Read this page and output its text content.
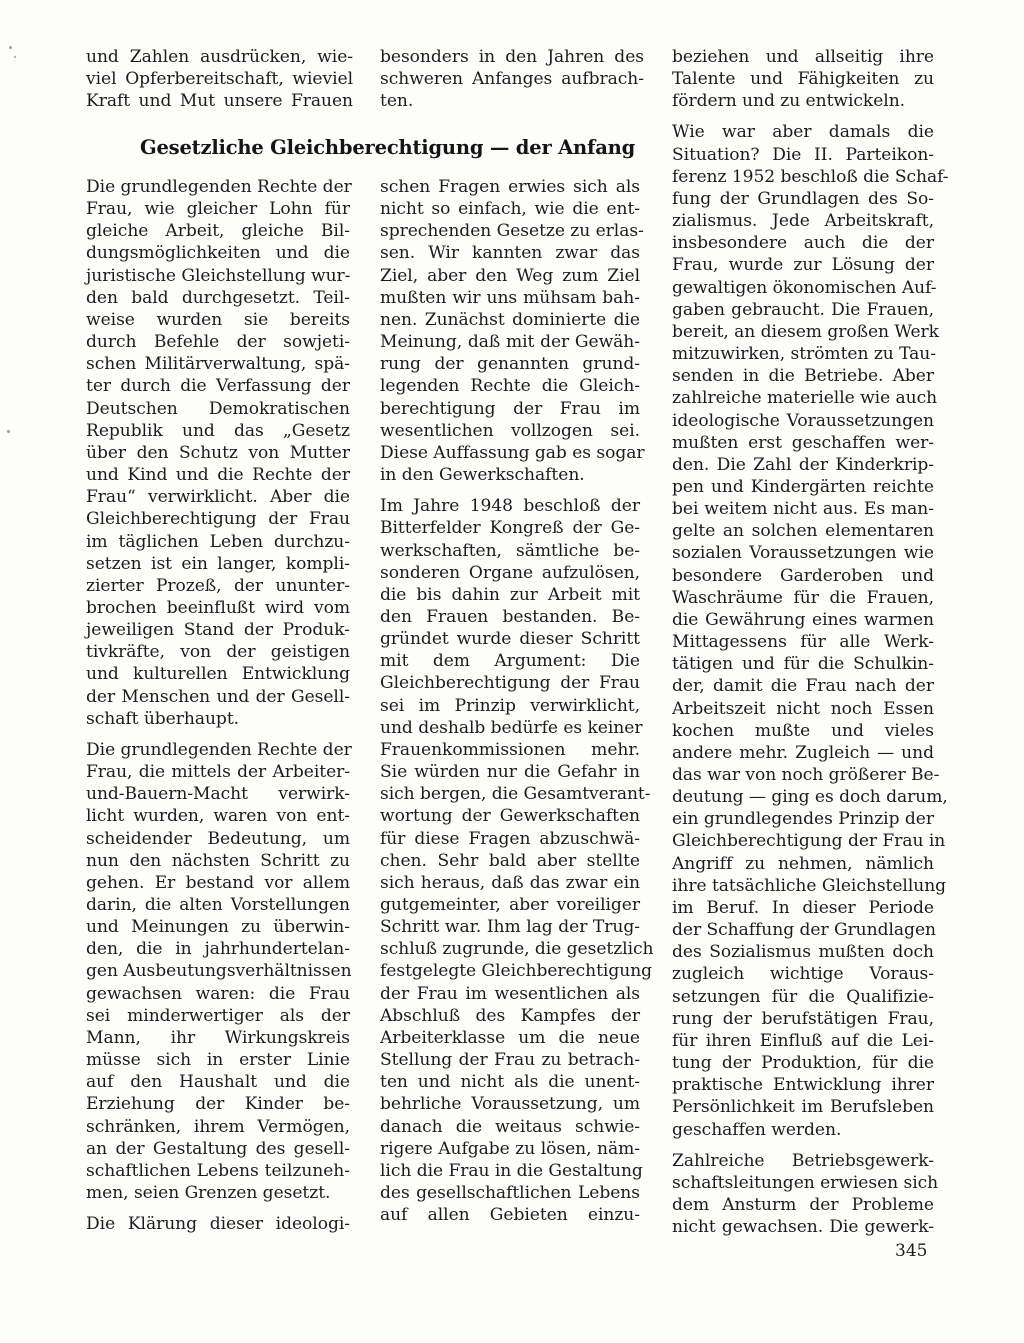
und Zahlen ausdrücken, wie-
viel Opferbereitschaft, wieviel
Kraft und Mut unsere Frauen
besonders in den Jahren des
schweren Anfanges aufbrach-
ten.
Gesetzliche Gleichberechtigung — der Anfang
Die grundlegenden Rechte der
Frau, wie gleicher Lohn für
gleiche Arbeit, gleiche Bil-
dungsmöglichkeiten und die
juristische Gleichstellung wur-
den bald durchgesetzt. Teil-
weise wurden sie bereits
durch Befehle der sowjeti-
schen Militärverwaltung, spä-
ter durch die Verfassung der
Deutschen Demokratischen
Republik und das „Gesetz
über den Schutz von Mutter
und Kind und die Rechte der
Frau“ verwirklicht. Aber die
Gleichberechtigung der Frau
im täglichen Leben durchzu-
setzen ist ein langer, kompli-
zierter Prozeß, der ununter-
brochen beeinflußt wird vom
jeweiligen Stand der Produk-
tivkräfte, von der geistigen
und kulturellen Entwicklung
der Menschen und der Gesell-
schaft überhaupt.
Die grundlegenden Rechte der
Frau, die mittels der Arbeiter-
und-Bauern-Macht verwirk-
licht wurden, waren von ent-
scheidender Bedeutung, um
nun den nächsten Schritt zu
gehen. Er bestand vor allem
darin, die alten Vorstellungen
und Meinungen zu überwin-
den, die in jahrhundertelan-
gen Ausbeutungsverhältnissen
gewachsen waren: die Frau
sei minderwertiger als der
Mann, ihr Wirkungskreis
müsse sich in erster Linie
auf den Haushalt und die
Erziehung der Kinder be-
schränken, ihrem Vermögen,
an der Gestaltung des gesell-
schaftlichen Lebens teilzuneh-
men, seien Grenzen gesetzt.
Die Klärung dieser ideologi-
schen Fragen erwies sich als
nicht so einfach, wie die ent-
sprechenden Gesetze zu erlas-
sen. Wir kannten zwar das
Ziel, aber den Weg zum Ziel
mußten wir uns mühsam bah-
nen. Zunächst dominierte die
Meinung, daß mit der Gewäh-
rung der genannten grund-
legenden Rechte die Gleich-
berechtigung der Frau im
wesentlichen vollzogen sei.
Diese Auffassung gab es sogar
in den Gewerkschaften.
Im Jahre 1948 beschloß der
Bitterfelder Kongreß der Ge-
werkschaften, sämtliche be-
sonderen Organe aufzulösen,
die bis dahin zur Arbeit mit
den Frauen bestanden. Be-
gründet wurde dieser Schritt
mit dem Argument: Die
Gleichberechtigung der Frau
sei im Prinzip verwirklicht,
und deshalb bedürfe es keiner
Frauenkommissionen mehr.
Sie würden nur die Gefahr in
sich bergen, die Gesamtverant-
wortung der Gewerkschaften
für diese Fragen abzuschwä-
chen. Sehr bald aber stellte
sich heraus, daß das zwar ein
gutgemeinter, aber voreiliger
Schritt war. Ihm lag der Trug-
schluß zugrunde, die gesetzlich
festgelegte Gleichberechtigung
der Frau im wesentlichen als
Abschluß des Kampfes der
Arbeiterklasse um die neue
Stellung der Frau zu betrach-
ten und nicht als die unent-
behrliche Voraussetzung, um
danach die weitaus schwie-
rigere Aufgabe zu lösen, näm-
lich die Frau in die Gestaltung
des gesellschaftlichen Lebens
auf allen Gebieten einzu-
beziehen und allseitig ihre
Talente und Fähigkeiten zu
fördern und zu entwickeln.
Wie war aber damals die
Situation? Die II. Parteikon-
ferenz 1952 beschloß die Schaf-
fung der Grundlagen des So-
zialismus. Jede Arbeitskraft,
insbesondere auch die der
Frau, wurde zur Lösung der
gewaltigen ökonomischen Auf-
gaben gebraucht. Die Frauen,
bereit, an diesem großen Werk
mitzuwirken, strömten zu Tau-
senden in die Betriebe. Aber
zahlreiche materielle wie auch
ideologische Voraussetzungen
mußten erst geschaffen wer-
den. Die Zahl der Kinderkrip-
pen und Kindergärten reichte
bei weitem nicht aus. Es man-
gelte an solchen elementaren
sozialen Voraussetzungen wie
besondere Garderoben und
Waschräume für die Frauen,
die Gewährung eines warmen
Mittagessens für alle Werk-
tätigen und für die Schulkin-
der, damit die Frau nach der
Arbeitszeit nicht noch Essen
kochen mußte und vieles
andere mehr. Zugleich — und
das war von noch größerer Be-
deutung — ging es doch darum,
ein grundlegendes Prinzip der
Gleichberechtigung der Frau in
Angriff zu nehmen, nämlich
ihre tatsächliche Gleichstellung
im Beruf. In dieser Periode
der Schaffung der Grundlagen
des Sozialismus mußten doch
zugleich wichtige Voraus-
setzungen für die Qualifizie-
rung der berufstätigen Frau,
für ihren Einfluß auf die Lei-
tung der Produktion, für die
praktische Entwicklung ihrer
Persönlichkeit im Berufsleben
geschaffen werden.
Zahlreiche Betriebsgewerk-
schaftsleitungen erwiesen sich
dem Ansturm der Probleme
nicht gewachsen. Die gewerk-
345
